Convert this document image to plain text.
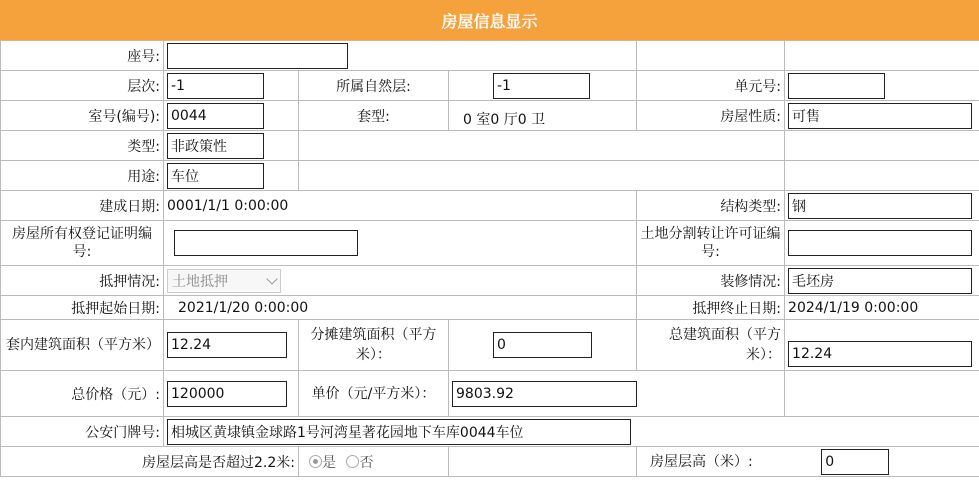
房屋信息显示
座号:			
层次:	-1	所属自然层:	-1	单元号:	
室号(编号):	0044	套型:	0 室0 厅0 卫	房屋性质:	可售
类型:	非政策性		
用途:	车位		
建成日期:	0001/1/1 0:00:00			结构类型:	钢
房屋所有权登记证明编号:				土地分割转让许可证编号:	
抵押情况:	土地抵押			装修情况:	毛坯房
抵押起始日期:	2021/1/20 0:00:00			抵押终止日期:	2024/1/19 0:00:00
套内建筑面积（平方米）	12.24	分摊建筑面积（平方米）：	0	总建筑面积（平方米）：	12.24
总价格（元）:	120000	单价（元/平方米）：	9803.92	
公安门牌号:	相城区黄埭镇金球路1号河湾星著花园地下车库0044车位
房屋层高是否超过2.2米:		是 否		房屋层高（米）: 0
